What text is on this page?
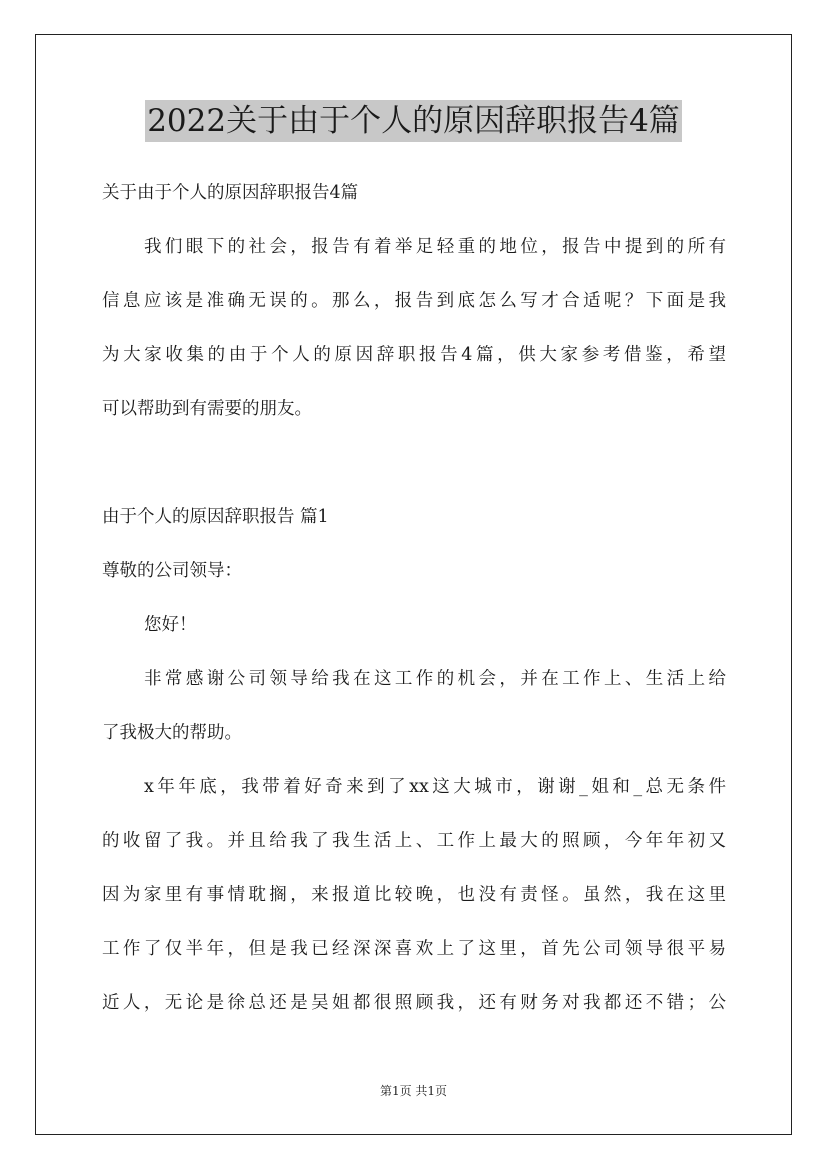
2022关于由于个人的原因辞职报告4篇
关于由于个人的原因辞职报告4篇
我们眼下的社会，报告有着举足轻重的地位，报告中提到的所有
信息应该是准确无误的。那么，报告到底怎么写才合适呢？下面是我
为大家收集的由于个人的原因辞职报告4篇，供大家参考借鉴，希望
可以帮助到有需要的朋友。
由于个人的原因辞职报告 篇1
尊敬的公司领导：
您好！
非常感谢公司领导给我在这工作的机会，并在工作上、生活上给
了我极大的帮助。
x年年底，我带着好奇来到了xx这大城市，谢谢_姐和_总无条件
的收留了我。并且给我了我生活上、工作上最大的照顾，今年年初又
因为家里有事情耽搁，来报道比较晚，也没有责怪。虽然，我在这里
工作了仅半年，但是我已经深深喜欢上了这里，首先公司领导很平易
近人，无论是徐总还是吴姐都很照顾我，还有财务对我都还不错；公
第1页 共1页
